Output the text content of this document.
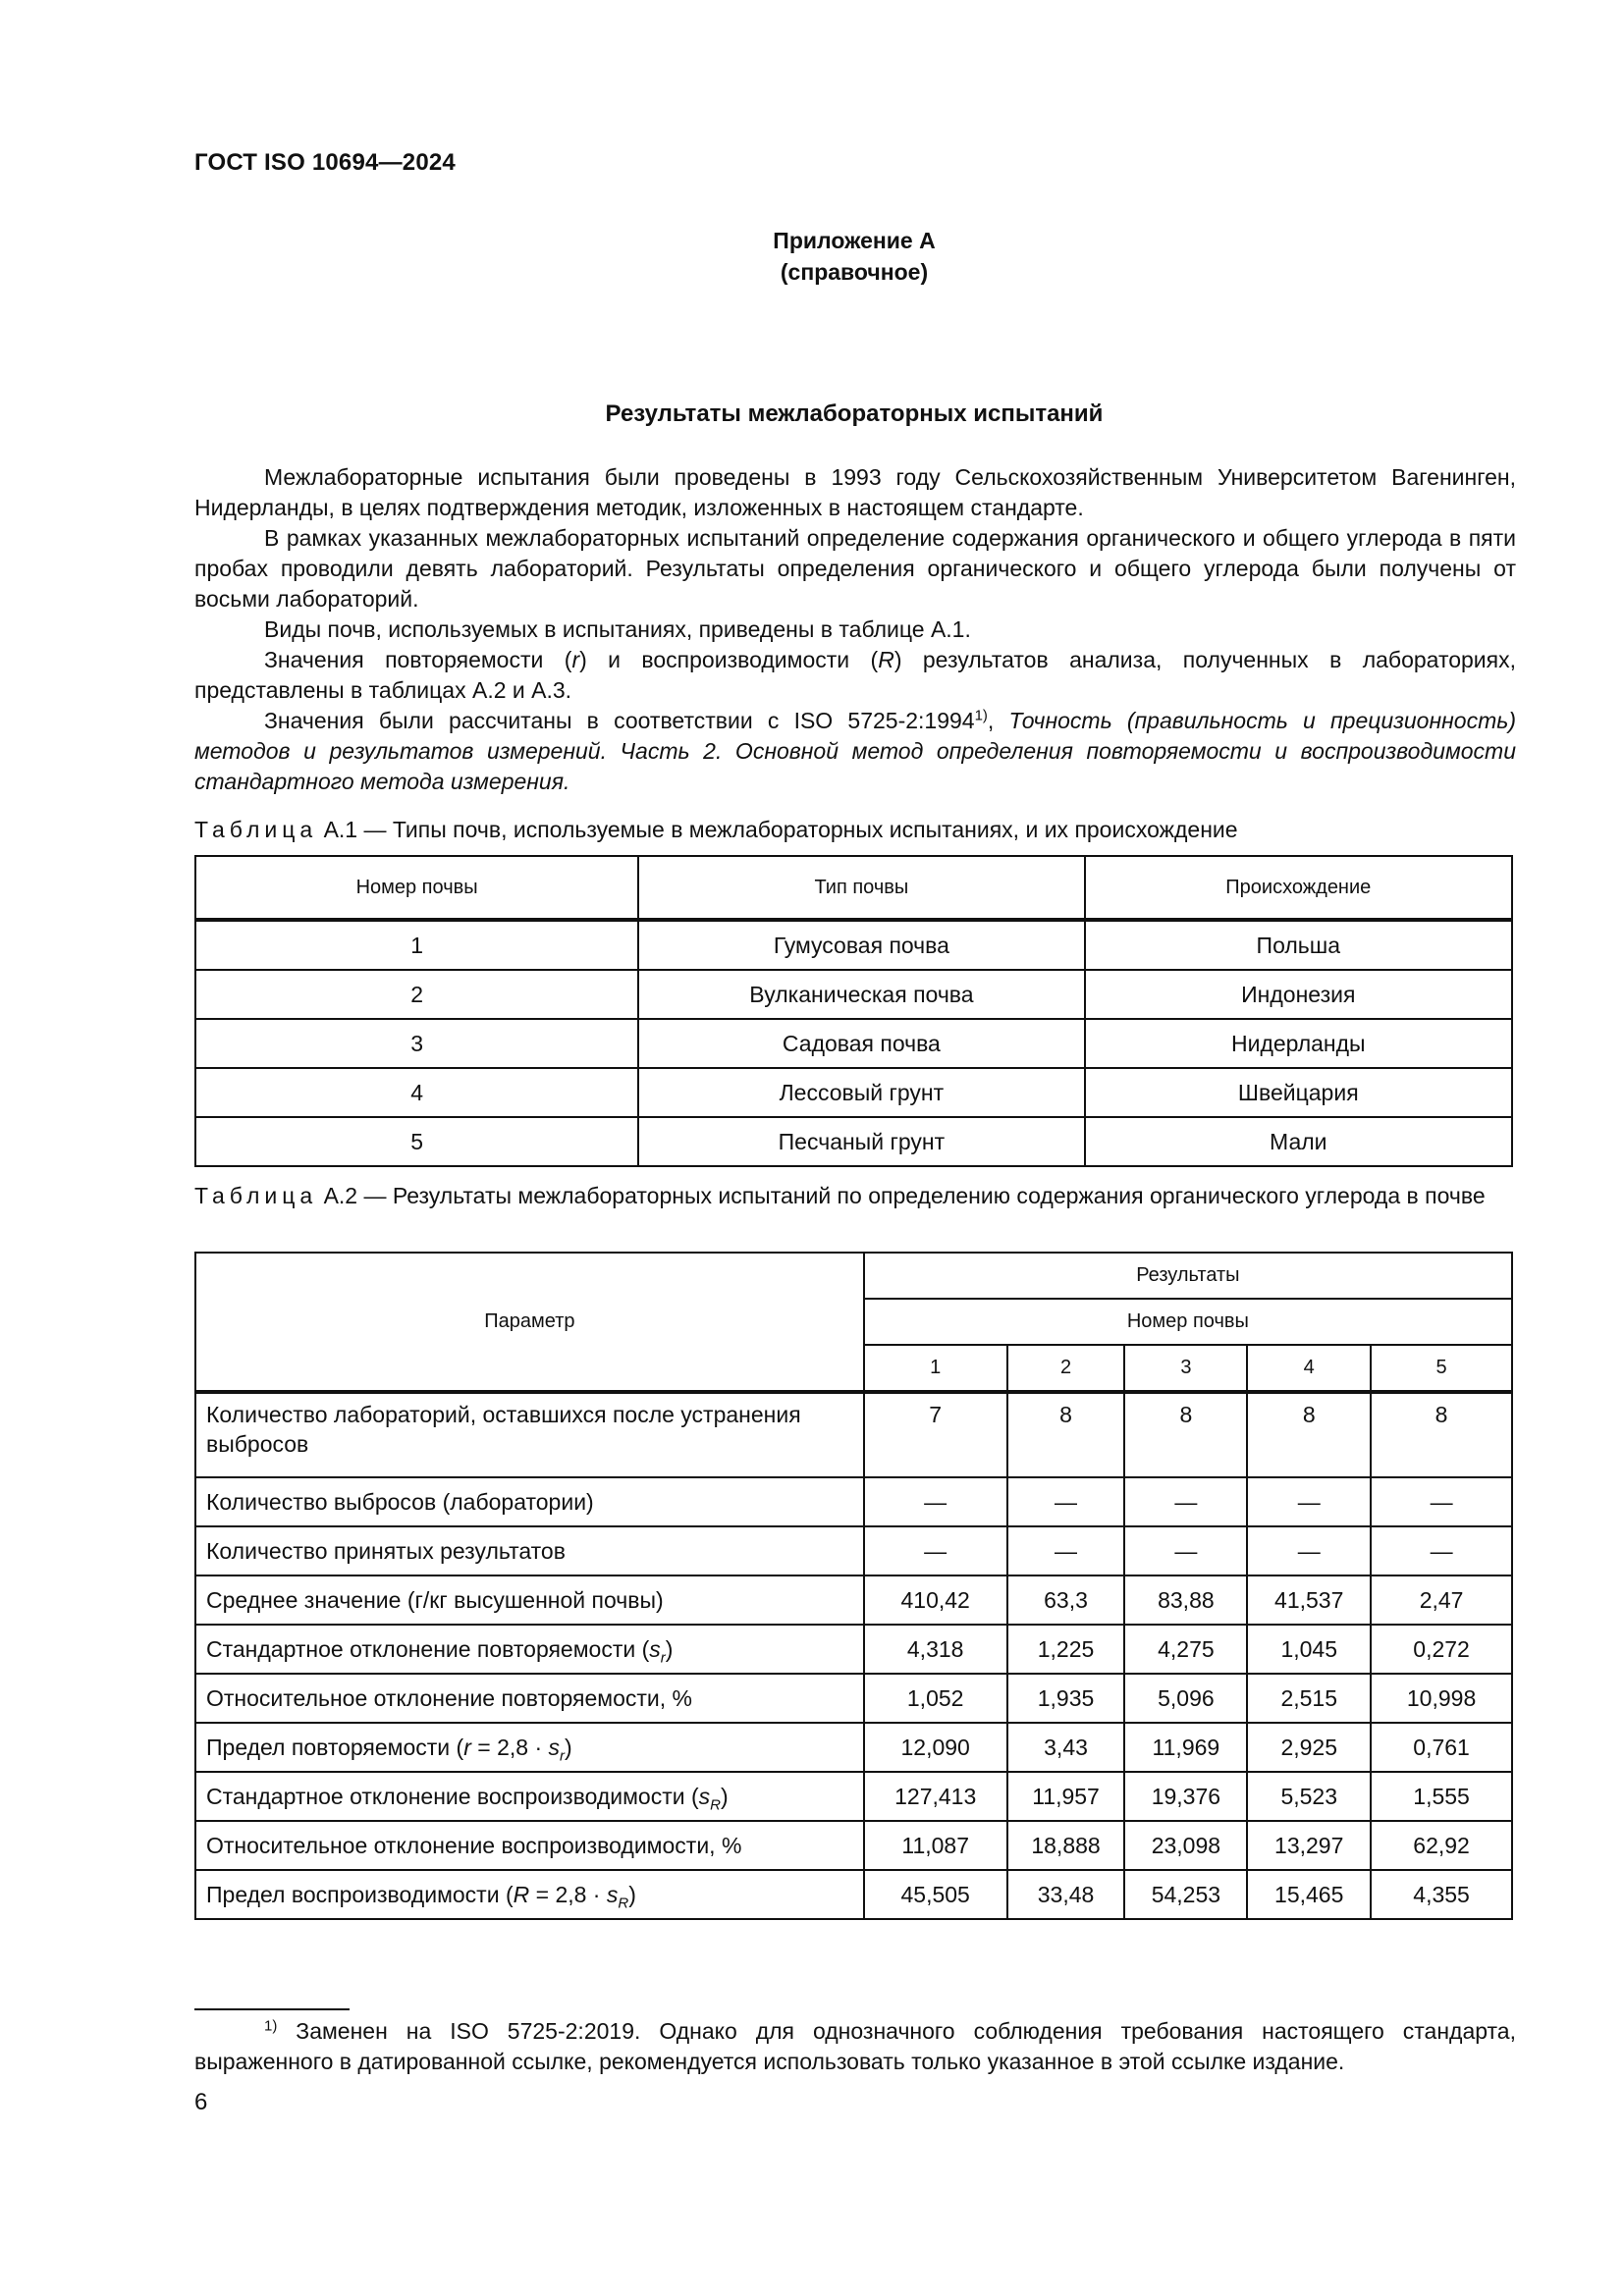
ГОСТ ISO 10694—2024
Приложение А
(справочное)
Результаты межлабораторных испытаний

Межлабораторные испытания были проведены в 1993 году Сельскохозяйственным Университетом Вагенинген, Нидерланды, в целях подтверждения методик, изложенных в настоящем стандарте.

В рамках указанных межлабораторных испытаний определение содержания органического и общего углерода в пяти пробах проводили девять лабораторий. Результаты определения органического и общего углерода были получены от восьми лабораторий.

Виды почв, используемых в испытаниях, приведены в таблице А.1.

Значения повторяемости (r) и воспроизводимости (R) результатов анализа, полученных в лабораториях, представлены в таблицах А.2 и А.3.

Значения были рассчитаны в соответствии с ISO 5725-2:1994$^{1)}$, Точность (правильность и прецизионность) методов и результатов измерений. Часть 2. Основной метод определения повторяемости и воспроизводимости стандартного метода измерения.

Таблица А.1 — Типы почв, используемые в межлабораторных испытаниях, и их происхождение
Номер почвы	Тип почвы	Происхождение
1	Гумусовая почва	Польша
2	Вулканическая почва	Индонезия
3	Садовая почва	Нидерланды
4	Лессовый грунт	Швейцария
5	Песчаный грунт	Мали
Таблица А.2 — Результаты межлабораторных испытаний по определению содержания органического углерода в почве
Параметр	Результаты				
	Номер почвы				
	1	2	3	4	5
Количество лабораторий, оставшихся после устранения выбросов	7	8	8	8	8
Количество выбросов (лаборатории)	—	—	—	—	—
Количество принятых результатов	—	—	—	—	—
Среднее значение (г/кг высушенной почвы)	410,42	63,3	83,88	41,537	2,47
Стандартное отклонение повторяемости $(s_r)$	4,318	1,225	4,275	1,045	0,272
Относительное отклонение повторяемости, %	1,052	1,935	5,096	2,515	10,998
Предел повторяемости $(r = 2,8 \cdot s_r)$	12,090	3,43	11,969	2,925	0,761
Стандартное отклонение воспроизводимости $(s_R)$	127,413	11,957	19,376	5,523	1,555
Относительное отклонение воспроизводимости, %	11,087	18,888	23,098	13,297	62,92
Предел воспроизводимости $(R = 2,8 \cdot s_R)$	45,505	33,48	54,253	15,465	4,355
$^{1)}$ Заменен на ISO 5725-2:2019. Однако для однозначного соблюдения требования настоящего стандарта, выраженного в датированной ссылке, рекомендуется использовать только указанное в этой ссылке издание.
6
